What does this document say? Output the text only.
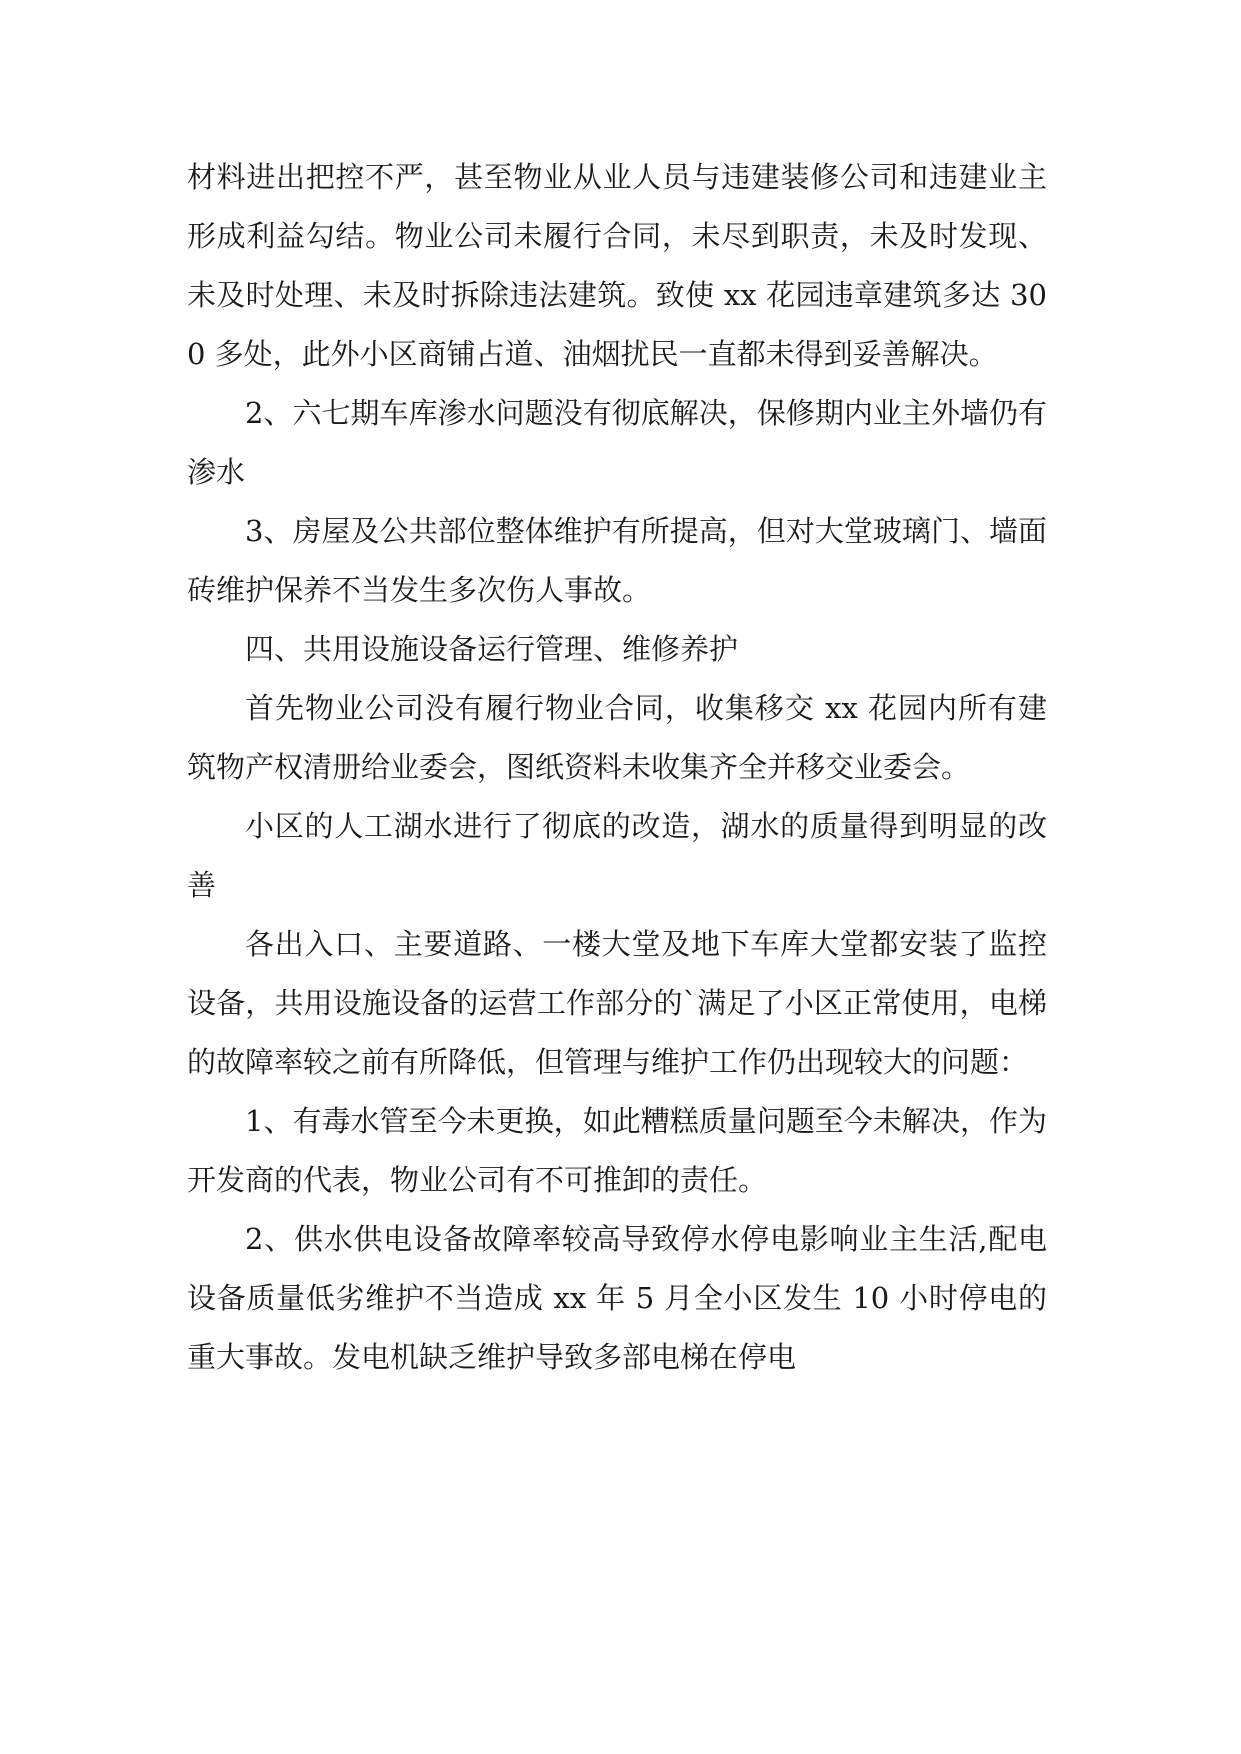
材料进出把控不严，甚至物业从业人员与违建装修公司和违建业主形成利益勾结。物业公司未履行合同，未尽到职责，未及时发现、未及时处理、未及时拆除违法建筑。致使 xx 花园违章建筑多达 300 多处，此外小区商铺占道、油烟扰民一直都未得到妥善解决。

2、六七期车库渗水问题没有彻底解决，保修期内业主外墙仍有渗水

3、房屋及公共部位整体维护有所提高，但对大堂玻璃门、墙面砖维护保养不当发生多次伤人事故。

四、共用设施设备运行管理、维修养护

首先物业公司没有履行物业合同，收集移交 xx 花园内所有建筑物产权清册给业委会，图纸资料未收集齐全并移交业委会。

小区的人工湖水进行了彻底的改造，湖水的质量得到明显的改善

各出入口、主要道路、一楼大堂及地下车库大堂都安装了监控设备，共用设施设备的运营工作部分的`满足了小区正常使用，电梯的故障率较之前有所降低，但管理与维护工作仍出现较大的问题：

1、有毒水管至今未更换，如此糟糕质量问题至今未解决，作为开发商的代表，物业公司有不可推卸的责任。

2、供水供电设备故障率较高导致停水停电影响业主生活,配电设备质量低劣维护不当造成 xx 年 5 月全小区发生 10 小时停电的重大事故。发电机缺乏维护导致多部电梯在停电
